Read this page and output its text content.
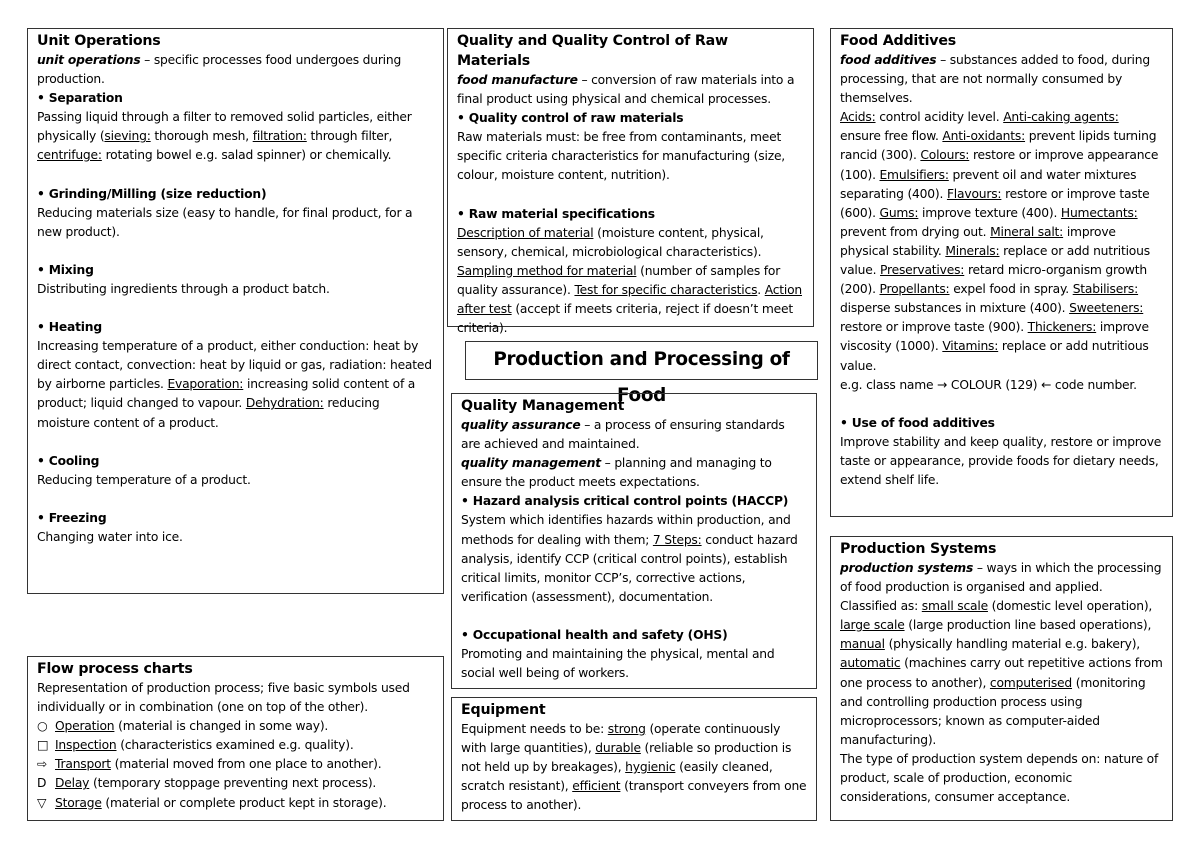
Unit Operations

unit operations – specific processes food undergoes during production.

• Separation

Passing liquid through a filter to removed solid particles, either physically (sieving: thorough mesh, filtration: through filter, centrifuge: rotating bowel e.g. salad spinner) or chemically.

• Grinding/Milling (size reduction)

Reducing materials size (easy to handle, for final product, for a new product).

• Mixing

Distributing ingredients through a product batch.

• Heating

Increasing temperature of a product, either conduction: heat by direct contact, convection: heat by liquid or gas, radiation: heated by airborne particles. Evaporation: increasing solid content of a product; liquid changed to vapour. Dehydration: reducing moisture content of a product.

• Cooling

Reducing temperature of a product.

• Freezing

Changing water into ice.

Flow process charts

Representation of production process; five basic symbols used individually or in combination (one on top of the other).

○ Operation (material is changed in some way).

□ Inspection (characteristics examined e.g. quality).

⇨ Transport (material moved from one place to another).

D Delay (temporary stoppage preventing next process).

▽ Storage (material or complete product kept in storage).

Quality and Quality Control of Raw Materials

food manufacture – conversion of raw materials into a final product using physical and chemical processes.

• Quality control of raw materials

Raw materials must: be free from contaminants, meet specific criteria characteristics for manufacturing (size, colour, moisture content, nutrition).

• Raw material specifications

Description of material (moisture content, physical, sensory, chemical, microbiological characteristics). Sampling method for material (number of samples for quality assurance). Test for specific characteristics. Action after test (accept if meets criteria, reject if doesn’t meet criteria).

Production and Processing of Food
Quality Management

quality assurance – a process of ensuring standards are achieved and maintained.

quality management – planning and managing to ensure the product meets expectations.

• Hazard analysis critical control points (HACCP)

System which identifies hazards within production, and methods for dealing with them; 7 Steps: conduct hazard analysis, identify CCP (critical control points), establish critical limits, monitor CCP’s, corrective actions, verification (assessment), documentation.

• Occupational health and safety (OHS)

Promoting and maintaining the physical, mental and social well being of workers.

Equipment

Equipment needs to be: strong (operate continuously with large quantities), durable (reliable so production is not held up by breakages), hygienic (easily cleaned, scratch resistant), efficient (transport conveyers from one process to another).

Food Additives

food additives – substances added to food, during processing, that are not normally consumed by themselves.

Acids: control acidity level. Anti-caking agents: ensure free flow. Anti-oxidants: prevent lipids turning rancid (300). Colours: restore or improve appearance (100). Emulsifiers: prevent oil and water mixtures separating (400). Flavours: restore or improve taste (600). Gums: improve texture (400). Humectants: prevent from drying out. Mineral salt: improve physical stability. Minerals: replace or add nutritious value. Preservatives: retard micro-organism growth (200). Propellants: expel food in spray. Stabilisers: disperse substances in mixture (400). Sweeteners: restore or improve taste (900). Thickeners: improve viscosity (1000). Vitamins: replace or add nutritious value.

e.g. class name → COLOUR (129) ← code number.

• Use of food additives

Improve stability and keep quality, restore or improve taste or appearance, provide foods for dietary needs, extend shelf life.

Production Systems

production systems – ways in which the processing of food production is organised and applied.

Classified as: small scale (domestic level operation), large scale (large production line based operations), manual (physically handling material e.g. bakery), automatic (machines carry out repetitive actions from one process to another), computerised (monitoring and controlling production process using microprocessors; known as computer-aided manufacturing).

The type of production system depends on: nature of product, scale of production, economic considerations, consumer acceptance.
